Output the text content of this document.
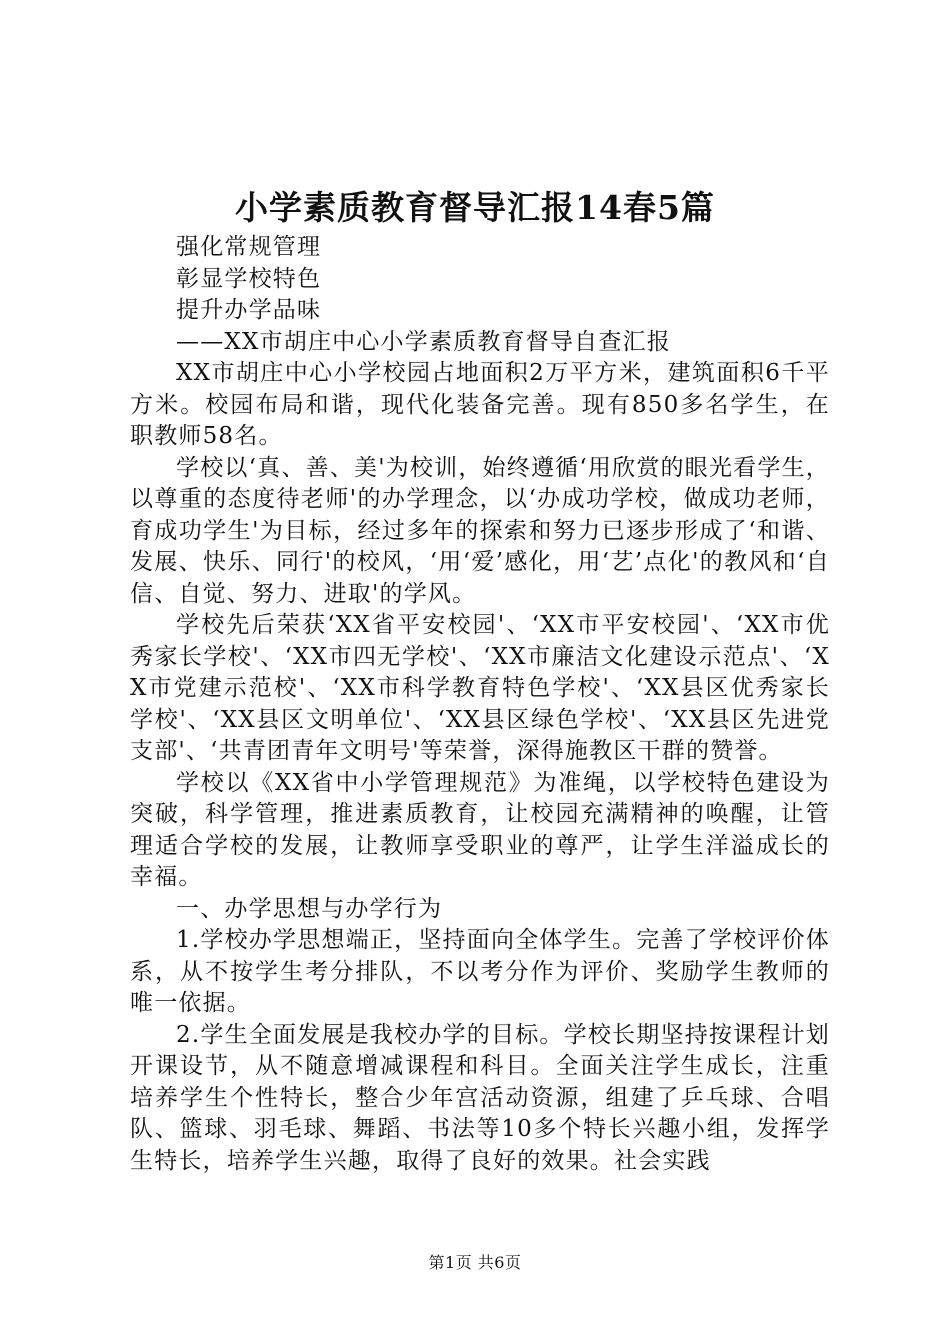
小学素质教育督导汇报14春5篇

强化常规管理

彰显学校特色

提升办学品味

——XX市胡庄中心小学素质教育督导自查汇报

XX市胡庄中心小学校园占地面积2万平方米，建筑面积6千平方米。校园布局和谐，现代化装备完善。现有850多名学生，在职教师58名。

学校以‘真、善、美'为校训，始终遵循‘用欣赏的眼光看学生，以尊重的态度待老师'的办学理念，以‘办成功学校，做成功老师，育成功学生'为目标，经过多年的探索和努力已逐步形成了‘和谐、发展、快乐、同行'的校风，‘用‘爱’感化，用‘艺’点化'的教风和‘自信、自觉、努力、进取'的学风。

学校先后荣获‘XX省平安校园'、‘XX市平安校园'、‘XX市优秀家长学校'、‘XX市四无学校'、‘XX市廉洁文化建设示范点'、‘XX市党建示范校'、‘XX市科学教育特色学校'、‘XX县区优秀家长学校'、‘XX县区文明单位'、‘XX县区绿色学校'、‘XX县区先进党支部'、‘共青团青年文明号'等荣誉，深得施教区干群的赞誉。

学校以《XX省中小学管理规范》为准绳，以学校特色建设为突破，科学管理，推进素质教育，让校园充满精神的唤醒，让管理适合学校的发展，让教师享受职业的尊严，让学生洋溢成长的幸福。

一、办学思想与办学行为

1.学校办学思想端正，坚持面向全体学生。完善了学校评价体系，从不按学生考分排队，不以考分作为评价、奖励学生教师的唯一依据。

2.学生全面发展是我校办学的目标。学校长期坚持按课程计划开课设节，从不随意增减课程和科目。全面关注学生成长，注重培养学生个性特长，整合少年宫活动资源，组建了乒乓球、合唱队、篮球、羽毛球、舞蹈、书法等10多个特长兴趣小组，发挥学生特长，培养学生兴趣，取得了良好的效果。社会实践

第1页 共6页
